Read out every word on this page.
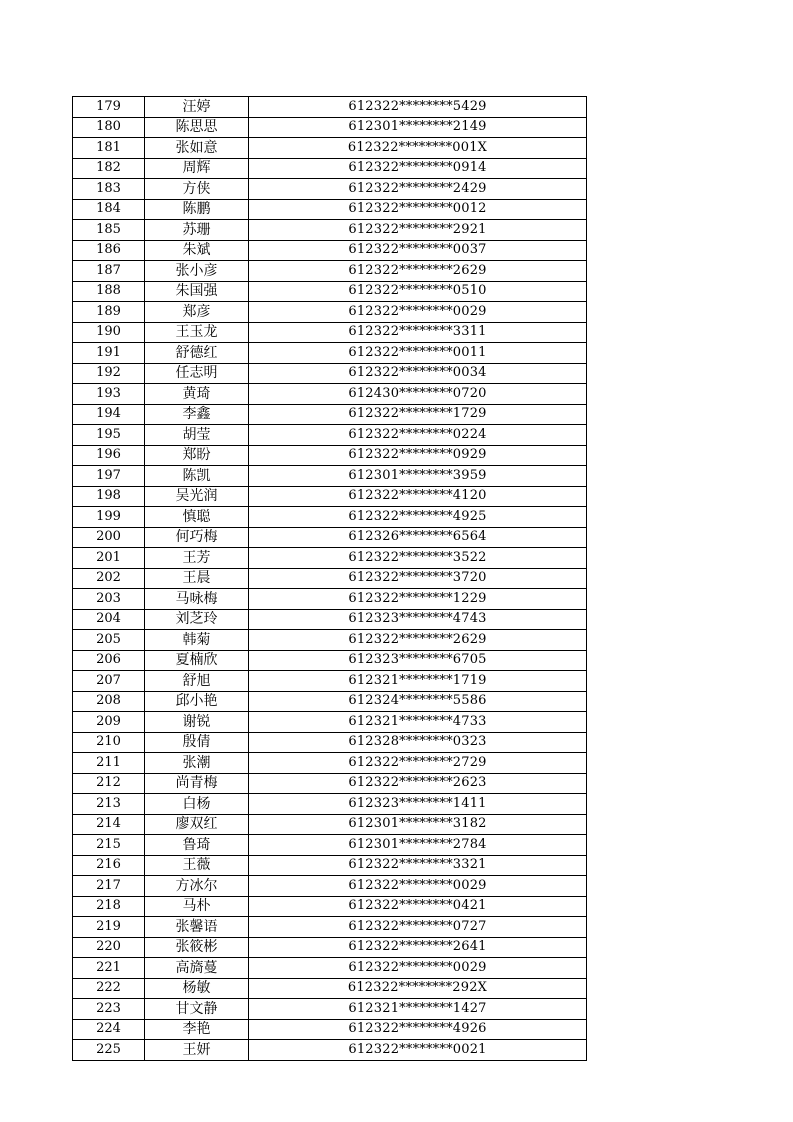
179	汪婷	612322********5429
180	陈思思	612301********2149
181	张如意	612322********001X
182	周辉	612322********0914
183	方侠	612322********2429
184	陈鹏	612322********0012
185	苏珊	612322********2921
186	朱斌	612322********0037
187	张小彦	612322********2629
188	朱国强	612322********0510
189	郑彦	612322********0029
190	王玉龙	612322********3311
191	舒德红	612322********0011
192	任志明	612322********0034
193	黄琦	612430********0720
194	李鑫	612322********1729
195	胡莹	612322********0224
196	郑盼	612322********0929
197	陈凯	612301********3959
198	吴光润	612322********4120
199	慎聪	612322********4925
200	何巧梅	612326********6564
201	王芳	612322********3522
202	王晨	612322********3720
203	马咏梅	612322********1229
204	刘芝玲	612323********4743
205	韩菊	612322********2629
206	夏楠欣	612323********6705
207	舒旭	612321********1719
208	邱小艳	612324********5586
209	谢锐	612321********4733
210	殷倩	612328********0323
211	张潮	612322********2729
212	尚青梅	612322********2623
213	白杨	612323********1411
214	廖双红	612301********3182
215	鲁琦	612301********2784
216	王薇	612322********3321
217	方冰尔	612322********0029
218	马朴	612322********0421
219	张馨语	612322********0727
220	张筱彬	612322********2641
221	高旖蔓	612322********0029
222	杨敏	612322********292X
223	甘文静	612321********1427
224	李艳	612322********4926
225	王妍	612322********0021
